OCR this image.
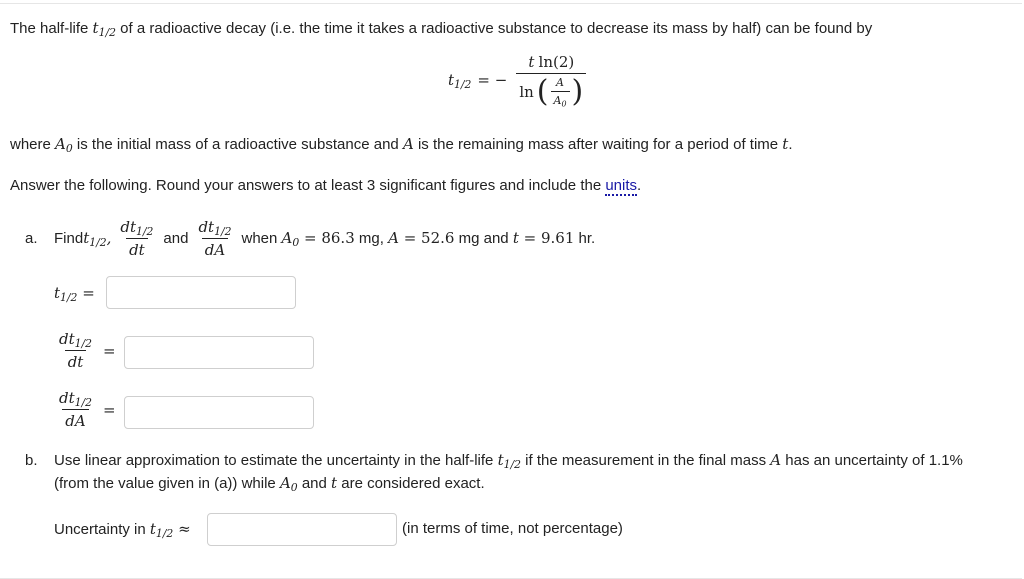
The half-life $t_{1/2}$ of a radioactive decay (i.e. the time it takes a radioactive substance to decrease its mass by half) can be found by
$t_{1/2}$ = − $\frac{\text{t ln(2)}}{\ln ( \frac{A}{A_0} )}$
where $A_0$ is the initial mass of a radioactive substance and A is the remaining mass after waiting for a period of time t.
Answer the following. Round your answers to at least 3 significant figures and include the units.
a.	Find $t_{1/2}$, $\frac{dt_{1/2}}{dt}$ and $\frac{dt_{1/2}}{dA}$ when $A_0 = 86.3$ mg, A = 52.6 mg and t = 9.61 hr.
$t_{1/2}$ =
$\frac{dt_{1/2}}{dt}$ =
$\frac{dt_{1/2}}{dA}$ =
b. Use linear approximation to estimate the uncertainty in the half-life $t_{1/2}$ if the measurement in the final mass A has an uncertainty of 1.1%
(from the value given in (a)) while $A_0$ and t are considered exact.
Uncertainty in $t_{1/2}$ ≈	(in terms of time, not percentage)
